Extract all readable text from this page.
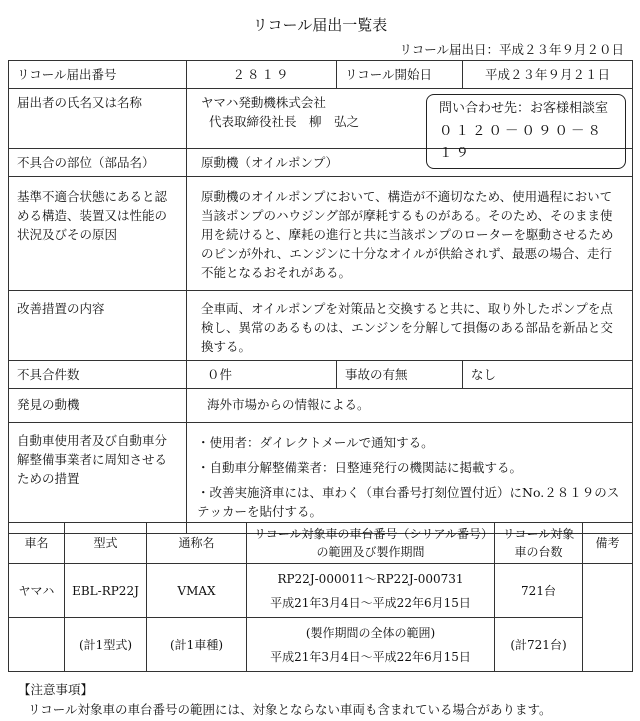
リコール届出一覧表
リコール届出日：平成２３年９月２０日
リコール届出番号	２８１９	リコール開始日	平成２３年９月２１日
届出者の氏名又は名称	ヤマハ発動機株式会社
代表取締役社長　柳　弘之
問い合わせ先：お客様相談室
０１２０－０９０－８１９		

不具合の部位（部品名）	原動機（オイルポンプ）		
基準不適合状態にあると認める構造、装置又は性能の状況及びその原因	原動機のオイルポンプにおいて、構造が不適切なため、使用過程において当該ポンプのハウジング部が摩耗するものがある。そのため、そのまま使用を続けると、摩耗の進行と共に当該ポンプのローターを駆動させるためのピンが外れ、エンジンに十分なオイルが供給されず、最悪の場合、走行不能となるおそれがある。		
改善措置の内容	全車両、オイルポンプを対策品と交換すると共に、取り外したポンプを点検し、異常のあるものは、エンジンを分解して損傷のある部品を新品と交換する。		
不具合件数	０件	事故の有無	なし
発見の動機	海外市場からの情報による。		
自動車使用者及び自動車分解整備事業者に周知させるための措置	・使用者：ダイレクトメールで通知する。
・自動車分解整備業者：日整連発行の機関誌に掲載する。
・改善実施済車には、車わく（車台番号打刻位置付近）にNo.２８１９のステッカーを貼付する。		
車名	型式	通称名	リコール対象車の車台番号（シリアル番号）の範囲及び製作期間	リコール対象車の台数	備考
ヤマハ	EBL-RP22J	VMAX	RP22J-000011～RP22J-000731
平成21年3月4日～平成22年6月15日	721台	
	(計1型式)	(計1車種)	(製作期間の全体の範囲)
平成21年3月4日～平成22年6月15日	(計721台)	
【注意事項】
リコール対象車の車台番号の範囲には、対象とならない車両も含まれている場合があります。
